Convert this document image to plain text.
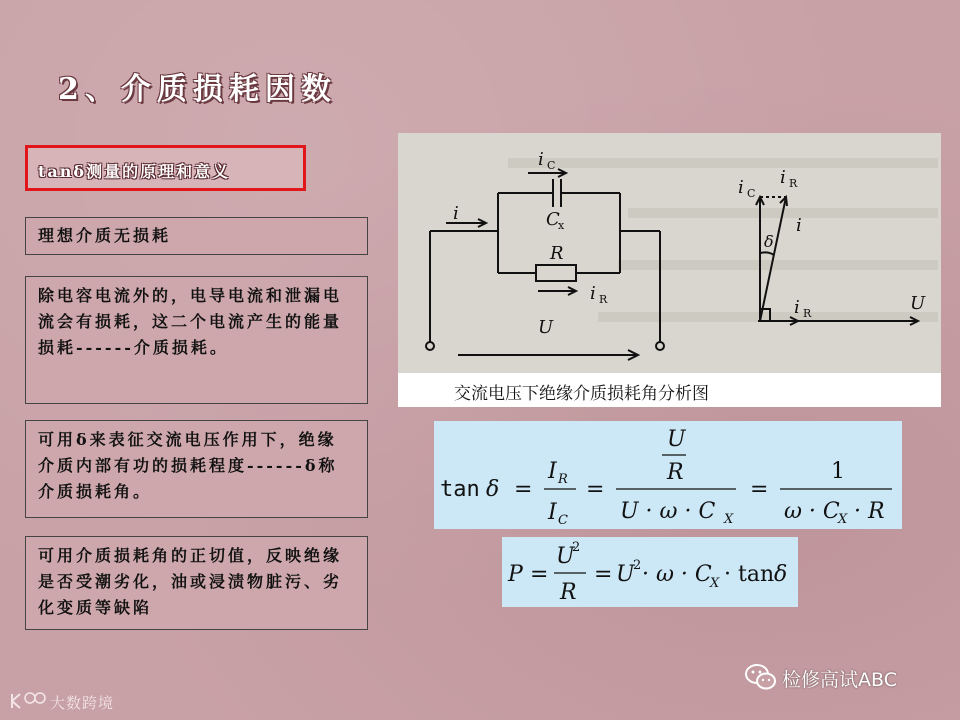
2、介质损耗因数
tanδ测量的原理和意义
理想介质无损耗
除电容电流外的，电导电流和泄漏电流会有损耗，这二个电流产生的能量损耗------介质损耗。
可用δ来表征交流电压作用下，绝缘介质内部有功的损耗程度------δ称介质损耗角。
可用介质损耗角的正切值，反映绝缘是否受潮劣化，油或浸渍物脏污、劣化变质等缺陷
i
i C
C
x
R
i R
U
i C
i R
i
δ
i R	U
交流电压下绝缘介质损耗角分析图
tan δ =
I R
I C
=
U
R
U · ω · C X
=
1
ω · C
X · R
P =
U
2
R
= U
2 · ω · C
X · tan δ
检修高试ABC
大数跨境
